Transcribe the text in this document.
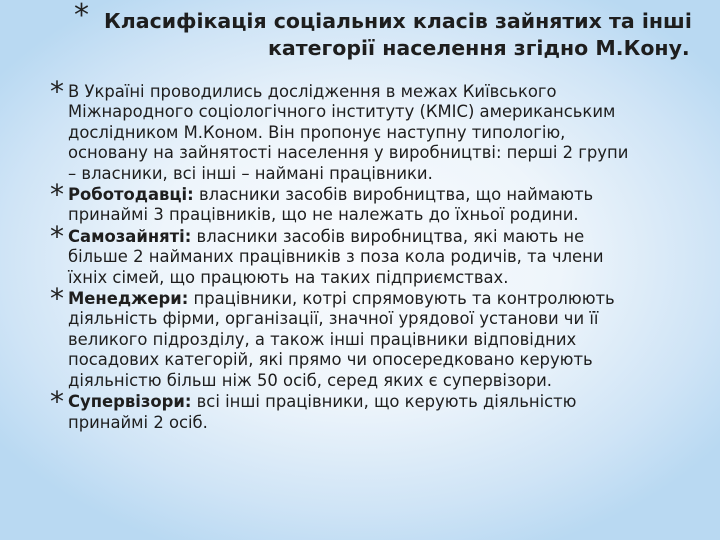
* Класифікація соціальних класів зайнятих та інші
категорії населення згідно М.Кону.
* В Україні проводились дослідження в межах Київського
Міжнародного соціологічного інституту (КМІС) американським
дослідником М.Коном. Він пропонує наступну типологію,
основану на зайнятості населення у виробництві: перші 2 групи
– власники, всі інші – наймані працівники.
* Роботодавці: власники засобів виробництва, що наймають
принаймі 3 працівників, що не належать до їхньої родини.
* Самозайняті: власники засобів виробництва, які мають не
більше 2 найманих працівників з поза кола родичів, та члени
їхніх сімей, що працюють на таких підприємствах.
* Менеджери: працівники, котрі спрямовують та контролюють
діяльність фірми, організації, значної урядової установи чи її
великого підрозділу, а також інші працівники відповідних
посадових категорій, які прямо чи опосередковано керують
діяльністю більш ніж 50 осіб, серед яких є супервізори.
* Супервізори: всі інші працівники, що керують діяльністю
принаймі 2 осіб.
